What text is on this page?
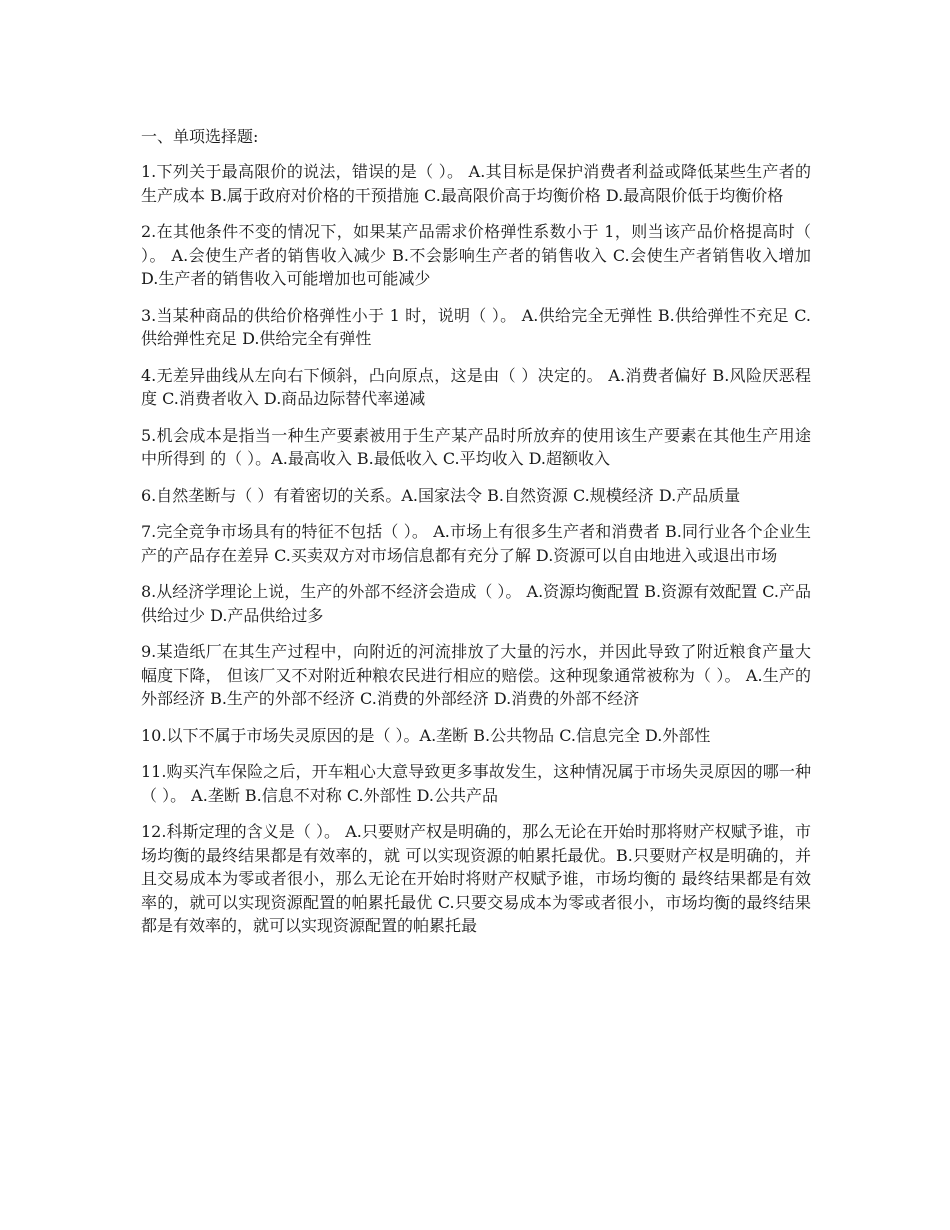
一、单项选择题:
1.下列关于最高限价的说法，错误的是（ ）。 A.其目标是保护消费者利益或降低某些生产者的生产成本 B.属于政府对价格的干预措施 C.最高限价高于均衡价格 D.最高限价低于均衡价格
2.在其他条件不变的情况下，如果某产品需求价格弹性系数小于 1，则当该产品价格提高时（ ）。 A.会使生产者的销售收入减少 B.不会影响生产者的销售收入 C.会使生产者销售收入增加 D.生产者的销售收入可能增加也可能减少
3.当某种商品的供给价格弹性小于 1 时，说明（ ）。 A.供给完全无弹性 B.供给弹性不充足 C.供给弹性充足 D.供给完全有弹性
4.无差异曲线从左向右下倾斜，凸向原点，这是由（ ）决定的。 A.消费者偏好 B.风险厌恶程度 C.消费者收入 D.商品边际替代率递减
5.机会成本是指当一种生产要素被用于生产某产品时所放弃的使用该生产要素在其他生产用途中所得到 的（ ）。A.最高收入 B.最低收入 C.平均收入 D.超额收入
6.自然垄断与（ ）有着密切的关系。A.国家法令 B.自然资源 C.规模经济 D.产品质量
7.完全竞争市场具有的特征不包括（ ）。 A.市场上有很多生产者和消费者 B.同行业各个企业生产的产品存在差异 C.买卖双方对市场信息都有充分了解 D.资源可以自由地进入或退出市场
8.从经济学理论上说，生产的外部不经济会造成（ ）。 A.资源均衡配置 B.资源有效配置 C.产品供给过少 D.产品供给过多
9.某造纸厂在其生产过程中，向附近的河流排放了大量的污水，并因此导致了附近粮食产量大幅度下降， 但该厂又不对附近种粮农民进行相应的赔偿。这种现象通常被称为（ ）。 A.生产的外部经济 B.生产的外部不经济 C.消费的外部经济 D.消费的外部不经济
10.以下不属于市场失灵原因的是（ ）。A.垄断 B.公共物品 C.信息完全 D.外部性
11.购买汽车保险之后，开车粗心大意导致更多事故发生，这种情况属于市场失灵原因的哪一种（ ）。 A.垄断 B.信息不对称 C.外部性 D.公共产品
12.科斯定理的含义是（ ）。 A.只要财产权是明确的，那么无论在开始时那将财产权赋予谁，市场均衡的最终结果都是有效率的，就 可以实现资源的帕累托最优。B.只要财产权是明确的，并且交易成本为零或者很小，那么无论在开始时将财产权赋予谁，市场均衡的 最终结果都是有效率的，就可以实现资源配置的帕累托最优 C.只要交易成本为零或者很小，市场均衡的最终结果都是有效率的，就可以实现资源配置的帕累托最
